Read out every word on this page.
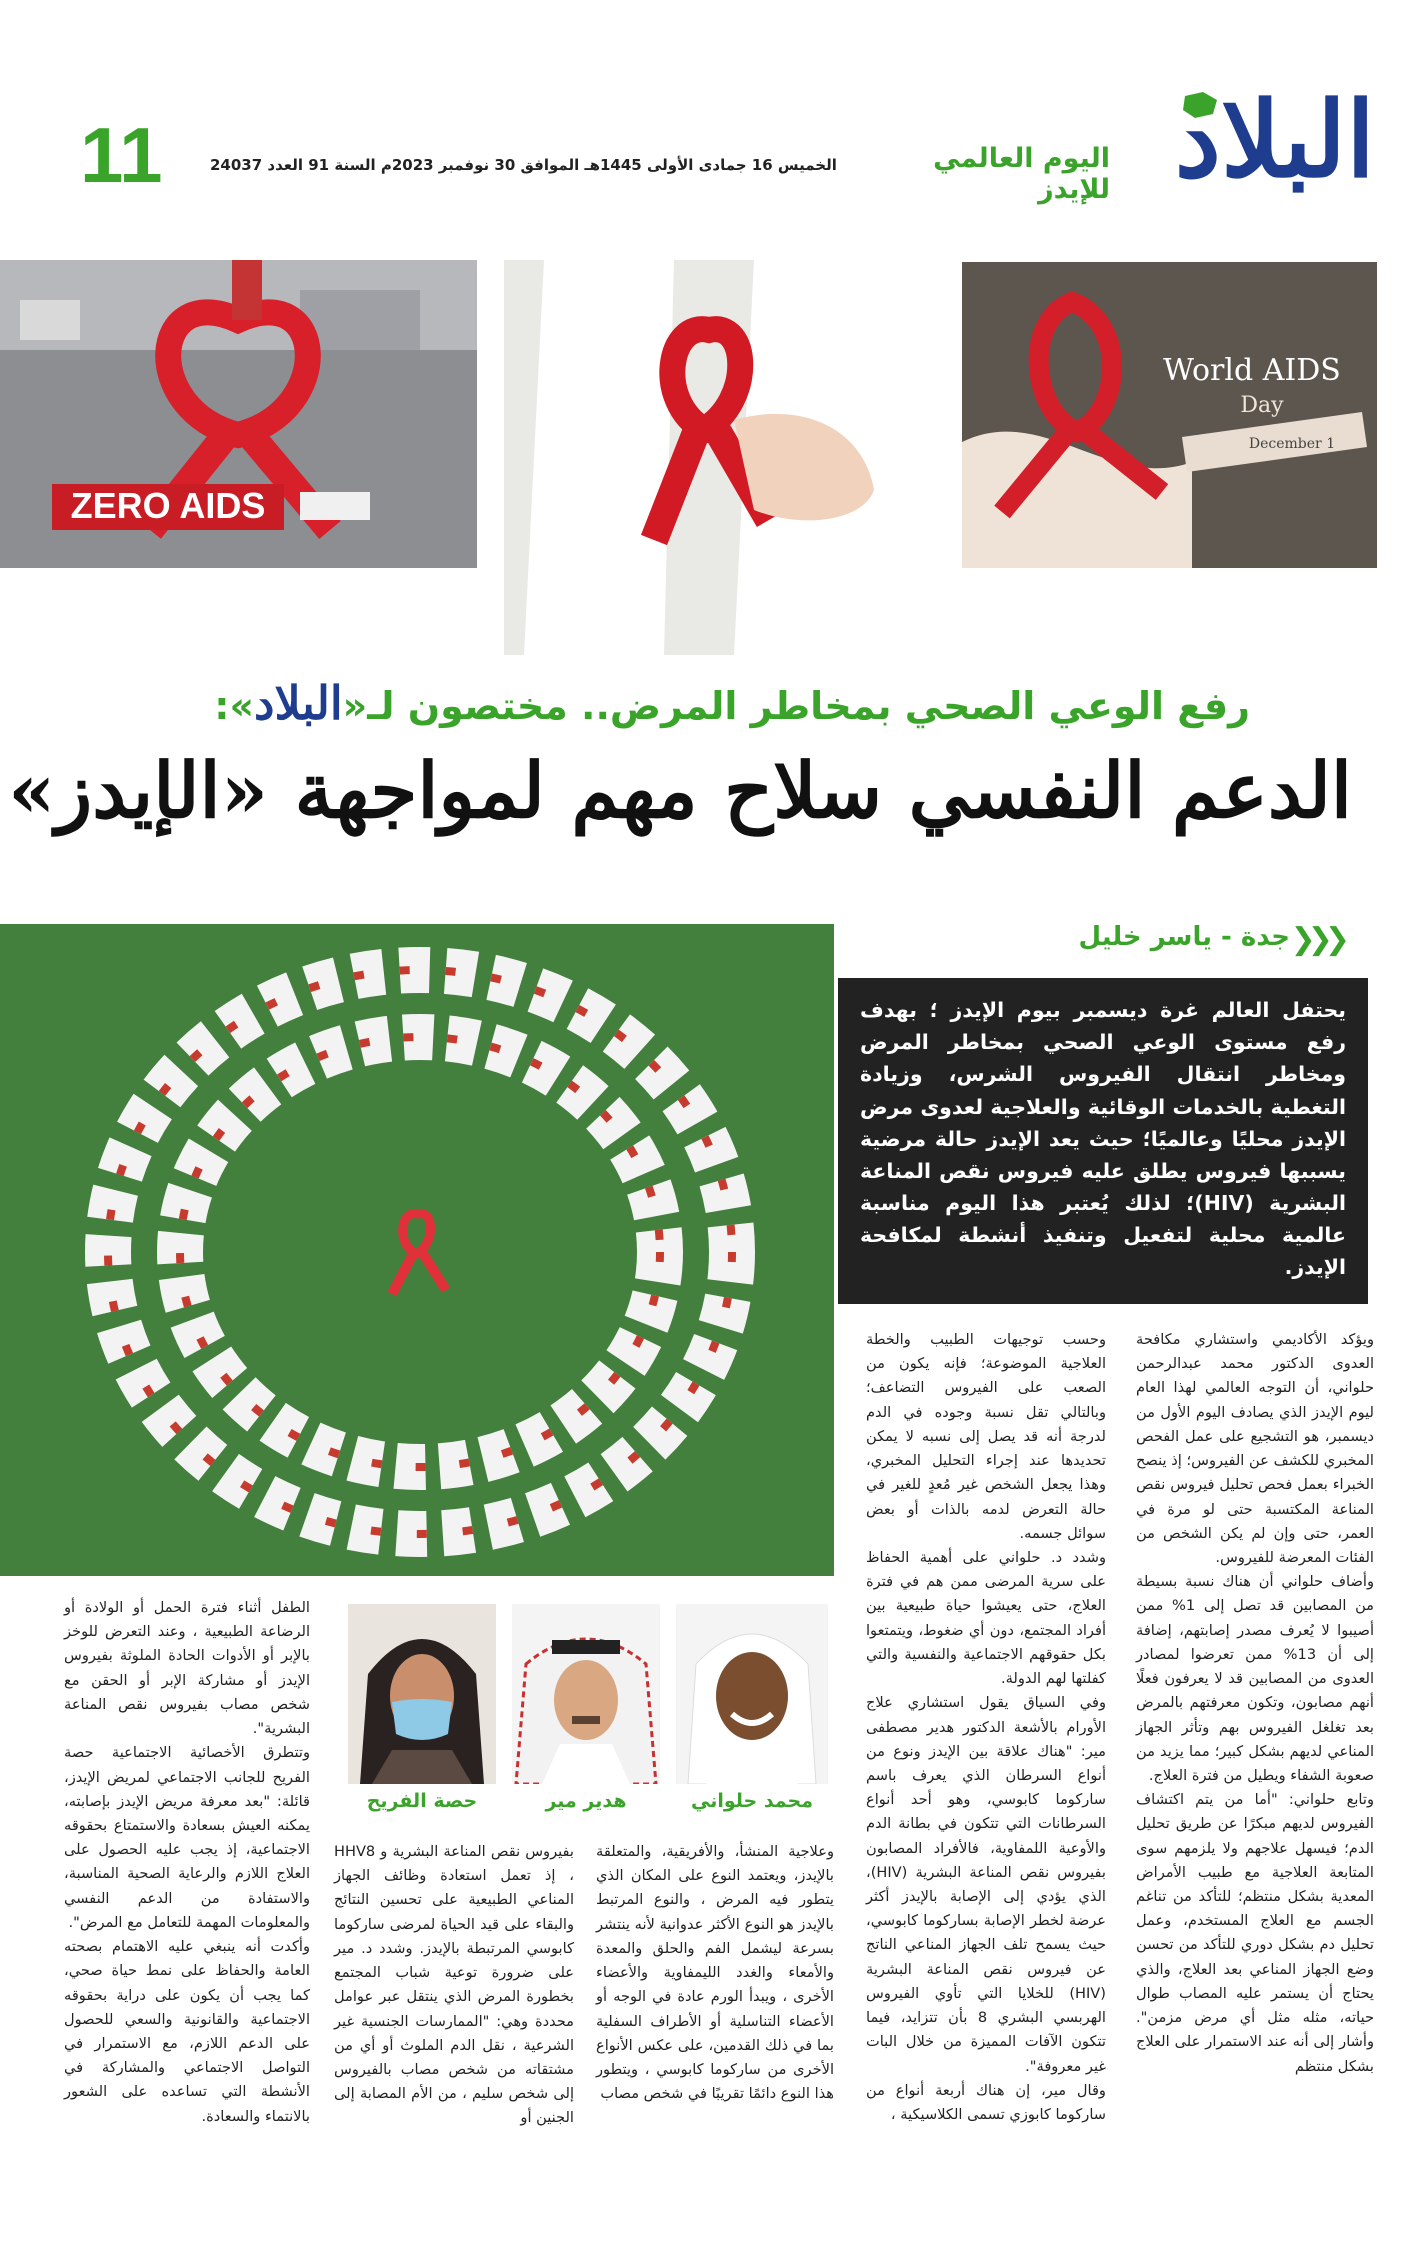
11	الخميس 16 جمادى الأولى 1445هـ الموافق 30 نوفمبر 2023م السنة 91 العدد 24037	اليوم العالمي للإيدز البلاد
ZERO AIDS
World AIDS
Day
December 1
رفع الوعي الصحي بمخاطر المرض.. مختصون لـ«البلاد»:
الدعم النفسي سلاح مهم لمواجهة «الإيدز»
❮❮❮
جدة - ياسر خليل
يحتفل العالم غرة ديسمبر بيوم الإيدز ؛ بهدف رفع مستوى الوعي الصحي بمخاطر المرض ومخاطر انتقال الفيروس الشرس، وزيادة التغطية بالخدمات الوقائية والعلاجية لعدوى مرض الإيدز محليًا وعالميًا؛ حيث يعد الإيدز حالة مرضية يسببها فيروس يطلق عليه فيروس نقص المناعة البشرية (HIV)؛ لذلك يُعتبر هذا اليوم مناسبة عالمية محلية لتفعيل وتنفيذ أنشطة لمكافحة الإيدز.

ويؤكد الأكاديمي واستشاري مكافحة العدوى الدكتور محمد عبدالرحمن حلواني، أن التوجه العالمي لهذا العام ليوم الإيدز الذي يصادف اليوم الأول من ديسمبر، هو التشجيع على عمل الفحص المخبري للكشف عن الفيروس؛ إذ ينصح الخبراء بعمل فحص تحليل فيروس نقص المناعة المكتسبة حتى لو مرة في العمر، حتى وإن لم يكن الشخص من الفئات المعرضة للفيروس.

وأضاف حلواني أن هناك نسبة بسيطة من المصابين قد تصل إلى 1% ممن أصيبوا لا يُعرف مصدر إصابتهم، إضافة إلى أن 13% ممن تعرضوا لمصادر العدوى من المصابين قد لا يعرفون فعلًا أنهم مصابون، وتكون معرفتهم بالمرض بعد تغلغل الفيروس بهم وتأثر الجهاز المناعي لديهم بشكل كبير؛ مما يزيد من صعوبة الشفاء ويطيل من فترة العلاج.

وتابع حلواني: "أما من يتم اكتشاف الفيروس لديهم مبكرًا عن طريق تحليل الدم؛ فيسهل علاجهم ولا يلزمهم سوى المتابعة العلاجية مع طبيب الأمراض المعدية بشكل منتظم؛ للتأكد من تناغم الجسم مع العلاج المستخدم، وعمل تحليل دم بشكل دوري للتأكد من تحسن وضع الجهاز المناعي بعد العلاج، والذي يحتاج أن يستمر عليه المصاب طوال حياته، مثله مثل أي مرض مزمن". وأشار إلى أنه عند الاستمرار على العلاج بشكل منتظم

وحسب توجيهات الطبيب والخطة العلاجية الموضوعة؛ فإنه يكون من الصعب على الفيروس التضاعف؛ وبالتالي تقل نسبة وجوده في الدم لدرجة أنه قد يصل إلى نسبه لا يمكن تحديدها عند إجراء التحليل المخبري، وهذا يجعل الشخص غير مُعدٍ للغير في حالة التعرض لدمه بالذات أو بعض سوائل جسمه.

وشدد د. حلواني على أهمية الحفاظ على سرية المرضى ممن هم في فترة العلاج، حتى يعيشوا حياة طبيعية بين أفراد المجتمع، دون أي ضغوط، ويتمتعوا بكل حقوقهم الاجتماعية والنفسية والتي كفلتها لهم الدولة.

وفي السياق يقول استشاري علاج الأورام بالأشعة الدكتور هدير مصطفى مير: "هناك علاقة بين الإيدز ونوع من أنواع السرطان الذي يعرف باسم ساركوما كابوسي، وهو أحد أنواع السرطانات التي تتكون في بطانة الدم والأوعية اللمفاوية، فالأفراد المصابون بفيروس نقص المناعة البشرية (HIV)، الذي يؤدي إلى الإصابة بالإيدز أكثر عرضة لخطر الإصابة بساركوما كابوسي، حيث يسمح تلف الجهاز المناعي الناتج عن فيروس نقص المناعة البشرية (HIV) للخلايا التي تأوي الفيروس الهربسي البشري 8 بأن تتزايد، فيما تتكون الآفات المميزة من خلال البات غير معروفة".

وقال مير، إن هناك أربعة أنواع من ساركوما كابوزي تسمى الكلاسيكية ،

محمد حلواني
هدير مير
حصة الفريح

وعلاجية المنشأ، والأفريقية، والمتعلقة بالإيدز، ويعتمد النوع على المكان الذي يتطور فيه المرض ، والنوع المرتبط بالإيدز هو النوع الأكثر عدوانية لأنه ينتشر بسرعة ليشمل الفم والحلق والمعدة والأمعاء والغدد الليمفاوية والأعضاء الأخرى ، ويبدأ الورم عادة في الوجه أو الأعضاء التناسلية أو الأطراف السفلية بما في ذلك القدمين، على عكس الأنواع الأخرى من ساركوما كابوسي ، ويتطور هذا النوع دائمًا تقريبًا في شخص مصاب

بفيروس نقص المناعة البشرية و HHV8 ، إذ تعمل استعادة وظائف الجهاز المناعي الطبيعية على تحسين النتائج والبقاء على قيد الحياة لمرضى ساركوما كابوسي المرتبطة بالإيدز. وشدد د. مير على ضرورة توعية شباب المجتمع بخطورة المرض الذي ينتقل عبر عوامل محددة وهي: "الممارسات الجنسية غير الشرعية ، نقل الدم الملوث أو أي من مشتقاته من شخص مصاب بالفيروس إلى شخص سليم ، من الأم المصابة إلى الجنين أو

الطفل أثناء فترة الحمل أو الولادة أو الرضاعة الطبيعية ، وعند التعرض للوخز بالإبر أو الأدوات الحادة الملوثة بفيروس الإيدز أو مشاركة الإبر أو الحقن مع شخص مصاب بفيروس نقص المناعة البشرية".

وتتطرق الأخصائية الاجتماعية حصة الفريح للجانب الاجتماعي لمريض الإيدز، قائلة: "بعد معرفة مريض الإيدز بإصابته، يمكنه العيش بسعادة والاستمتاع بحقوقه الاجتماعية، إذ يجب عليه الحصول على العلاج اللازم والرعاية الصحية المناسبة، والاستفادة من الدعم النفسي والمعلومات المهمة للتعامل مع المرض".

وأكدت أنه ينبغي عليه الاهتمام بصحته العامة والحفاظ على نمط حياة صحي، كما يجب أن يكون على دراية بحقوقه الاجتماعية والقانونية والسعي للحصول على الدعم اللازم، مع الاستمرار في التواصل الاجتماعي والمشاركة في الأنشطة التي تساعده على الشعور بالانتماء والسعادة.
